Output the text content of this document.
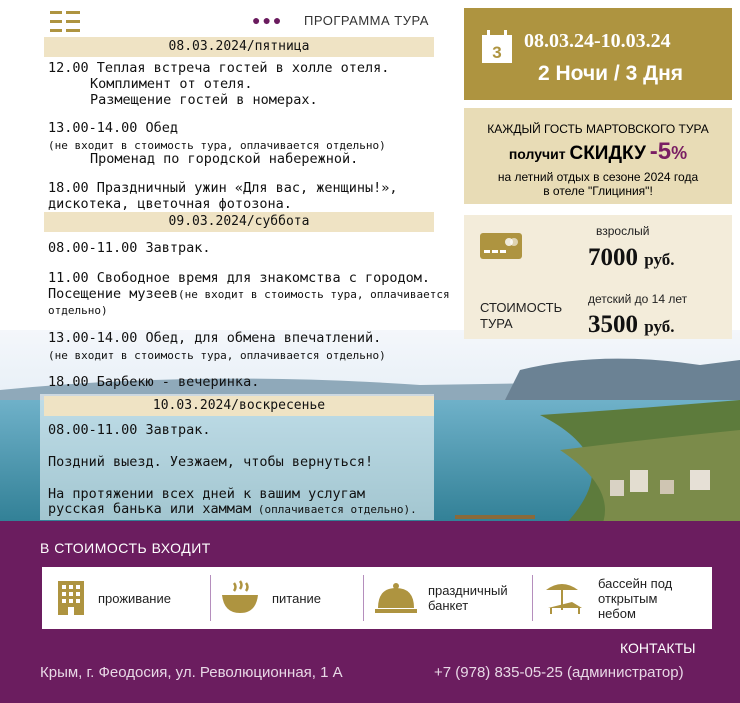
●●● ПРОГРАММА ТУРА
08.03.2024/пятница
12.00 Теплая встреча гостей в холле отеля.
Комплимент от отеля.
Размещение гостей в номерах.
13.00-14.00 Обед
(не входит в стоимость тура, оплачивается отдельно)
Променад по городской набережной.
18.00 Праздничный ужин «Для вас, женщины!»,
дискотека, цветочная фотозона.
09.03.2024/суббота
08.00-11.00 Завтрак.
11.00 Свободное время для знакомства с городом.
Посещение музеев(не входит в стоимость тура, оплачивается
отдельно)
13.00-14.00 Обед, для обмена впечатлений.
(не входит в стоимость тура, оплачивается отдельно)
18.00 Барбекю - вечеринка.
10.03.2024/воскресенье
08.00-11.00 Завтрак.
Поздний выезд. Уезжаем, чтобы вернуться!
На протяжении всех дней к вашим услугам
русская банька или хаммам (оплачивается отдельно).
3
08.03.24-10.03.24
2 Ночи / 3 Дня
КАЖДЫЙ ГОСТЬ МАРТОВСКОГО ТУРА
получит СКИДКУ -5%
на летний отдых в сезоне 2024 года
в отеле "Глициния"!
взрослый
7000 руб.
СТОИМОСТЬ
ТУРА
детский до 14 лет
3500 руб.
В СТОИМОСТЬ ВХОДИТ
проживание	питание	праздничный
банкет
бассейн под
открытым
небом
КОНТАКТЫ
Крым, г. Феодосия, ул. Революционная, 1 А	+7 (978) 835-05-25 (администратор)
